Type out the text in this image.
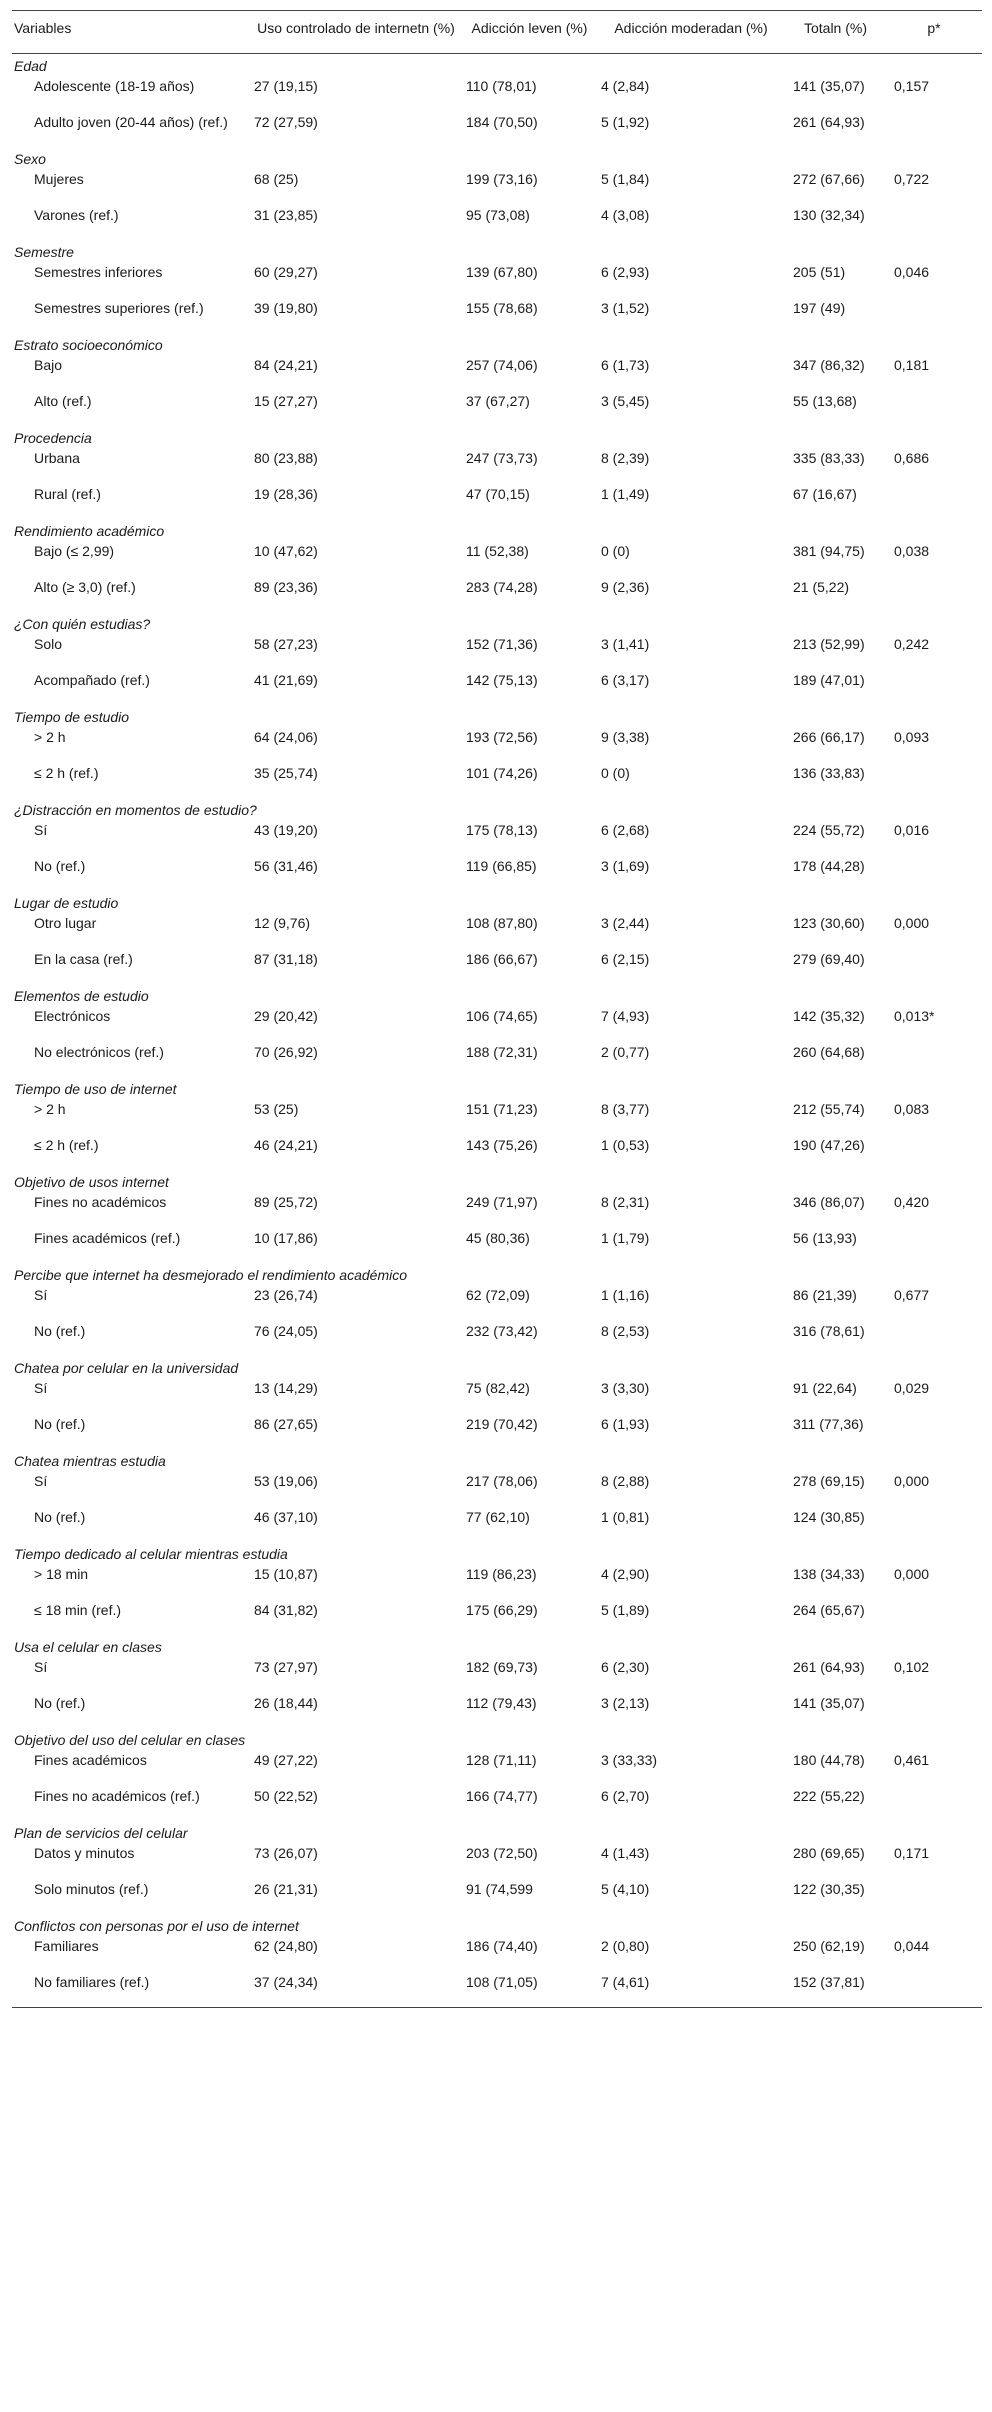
Variables	Uso controlado de internetn (%)	Adicción leven (%)	Adicción moderadan (%)	Totaln (%)	p*
Edad					
Adolescente (18-19 años)	27 (19,15)	110 (78,01)	4 (2,84)	141 (35,07)	0,157
Adulto joven (20-44 años) (ref.)	72 (27,59)	184 (70,50)	5 (1,92)	261 (64,93)	
Sexo					
Mujeres	68 (25)	199 (73,16)	5 (1,84)	272 (67,66)	0,722
Varones (ref.)	31 (23,85)	95 (73,08)	4 (3,08)	130 (32,34)	
Semestre					
Semestres inferiores	60 (29,27)	139 (67,80)	6 (2,93)	205 (51)	0,046
Semestres superiores (ref.)	39 (19,80)	155 (78,68)	3 (1,52)	197 (49)	
Estrato socioeconómico					
Bajo	84 (24,21)	257 (74,06)	6 (1,73)	347 (86,32)	0,181
Alto (ref.)	15 (27,27)	37 (67,27)	3 (5,45)	55 (13,68)	
Procedencia					
Urbana	80 (23,88)	247 (73,73)	8 (2,39)	335 (83,33)	0,686
Rural (ref.)	19 (28,36)	47 (70,15)	1 (1,49)	67 (16,67)	
Rendimiento académico					
Bajo (≤ 2,99)	10 (47,62)	11 (52,38)	0 (0)	381 (94,75)	0,038
Alto (≥ 3,0) (ref.)	89 (23,36)	283 (74,28)	9 (2,36)	21 (5,22)	
¿Con quién estudias?					
Solo	58 (27,23)	152 (71,36)	3 (1,41)	213 (52,99)	0,242
Acompañado (ref.)	41 (21,69)	142 (75,13)	6 (3,17)	189 (47,01)	
Tiempo de estudio					
> 2 h	64 (24,06)	193 (72,56)	9 (3,38)	266 (66,17)	0,093
≤ 2 h (ref.)	35 (25,74)	101 (74,26)	0 (0)	136 (33,83)	
¿Distracción en momentos de estudio?					
Sí	43 (19,20)	175 (78,13)	6 (2,68)	224 (55,72)	0,016
No (ref.)	56 (31,46)	119 (66,85)	3 (1,69)	178 (44,28)	
Lugar de estudio					
Otro lugar	12 (9,76)	108 (87,80)	3 (2,44)	123 (30,60)	0,000
En la casa (ref.)	87 (31,18)	186 (66,67)	6 (2,15)	279 (69,40)	
Elementos de estudio					
Electrónicos	29 (20,42)	106 (74,65)	7 (4,93)	142 (35,32)	0,013*
No electrónicos (ref.)	70 (26,92)	188 (72,31)	2 (0,77)	260 (64,68)	
Tiempo de uso de internet					
> 2 h	53 (25)	151 (71,23)	8 (3,77)	212 (55,74)	0,083
≤ 2 h (ref.)	46 (24,21)	143 (75,26)	1 (0,53)	190 (47,26)	
Objetivo de usos internet					
Fines no académicos	89 (25,72)	249 (71,97)	8 (2,31)	346 (86,07)	0,420
Fines académicos (ref.)	10 (17,86)	45 (80,36)	1 (1,79)	56 (13,93)	
Percibe que internet ha desmejorado el rendimiento académico					
Sí	23 (26,74)	62 (72,09)	1 (1,16)	86 (21,39)	0,677
No (ref.)	76 (24,05)	232 (73,42)	8 (2,53)	316 (78,61)	
Chatea por celular en la universidad					
Sí	13 (14,29)	75 (82,42)	3 (3,30)	91 (22,64)	0,029
No (ref.)	86 (27,65)	219 (70,42)	6 (1,93)	311 (77,36)	
Chatea mientras estudia					
Sí	53 (19,06)	217 (78,06)	8 (2,88)	278 (69,15)	0,000
No (ref.)	46 (37,10)	77 (62,10)	1 (0,81)	124 (30,85)	
Tiempo dedicado al celular mientras estudia					
> 18 min	15 (10,87)	119 (86,23)	4 (2,90)	138 (34,33)	0,000
≤ 18 min (ref.)	84 (31,82)	175 (66,29)	5 (1,89)	264 (65,67)	
Usa el celular en clases					
Sí	73 (27,97)	182 (69,73)	6 (2,30)	261 (64,93)	0,102
No (ref.)	26 (18,44)	112 (79,43)	3 (2,13)	141 (35,07)	
Objetivo del uso del celular en clases					
Fines académicos	49 (27,22)	128 (71,11)	3 (33,33)	180 (44,78)	0,461
Fines no académicos (ref.)	50 (22,52)	166 (74,77)	6 (2,70)	222 (55,22)	
Plan de servicios del celular					
Datos y minutos	73 (26,07)	203 (72,50)	4 (1,43)	280 (69,65)	0,171
Solo minutos (ref.)	26 (21,31)	91 (74,599	5 (4,10)	122 (30,35)	
Conflictos con personas por el uso de internet					
Familiares	62 (24,80)	186 (74,40)	2 (0,80)	250 (62,19)	0,044
No familiares (ref.)	37 (24,34)	108 (71,05)	7 (4,61)	152 (37,81)	
